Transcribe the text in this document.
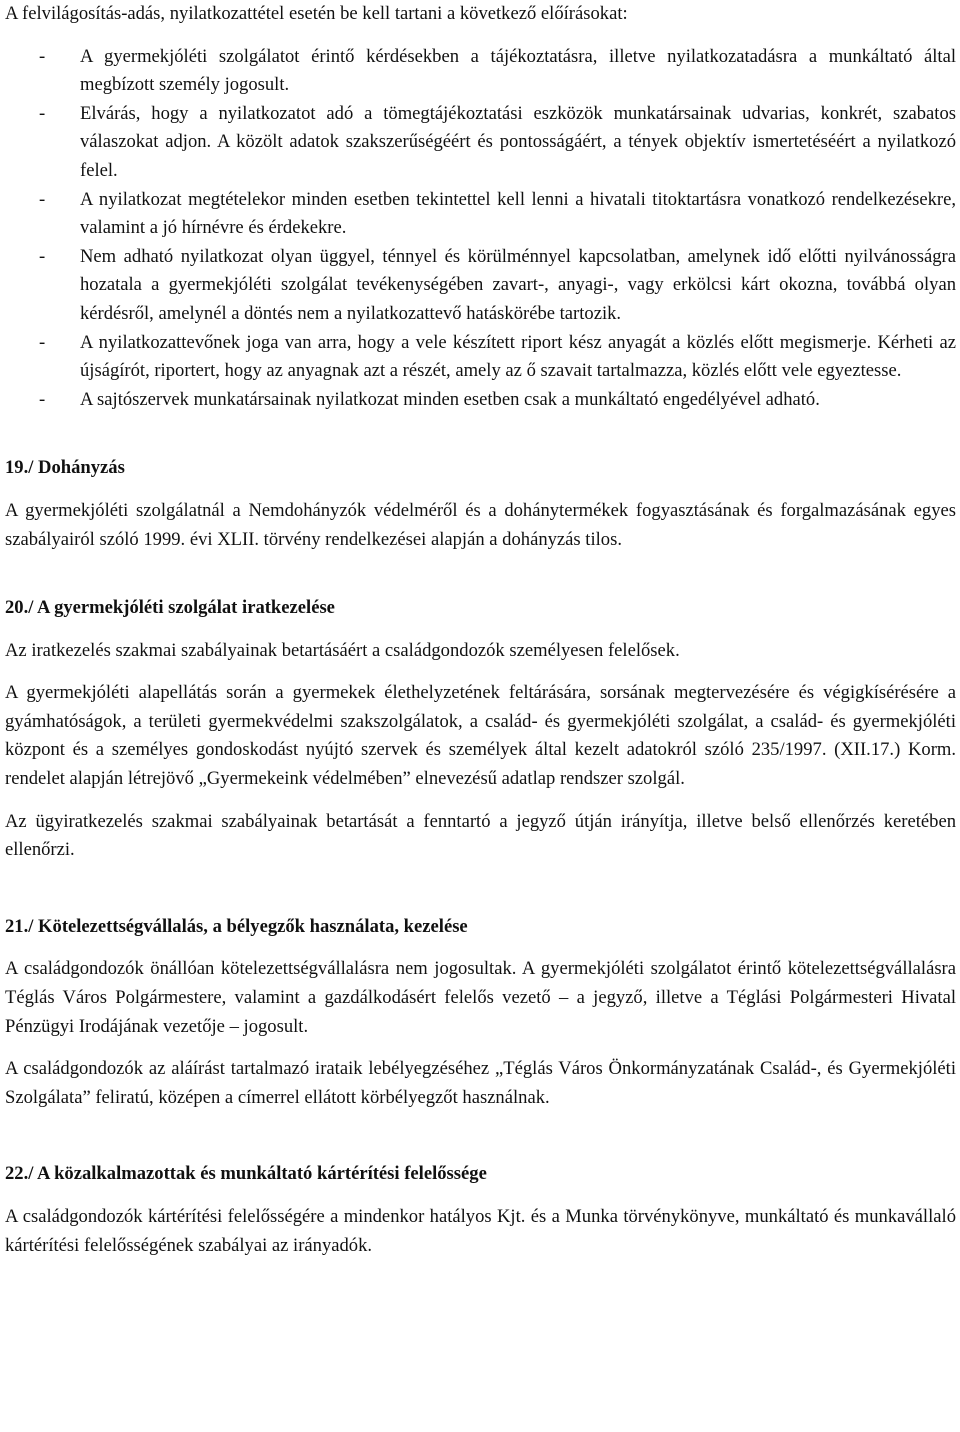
A felvilágosítás-adás, nyilatkozattétel esetén be kell tartani a következő előírásokat:

- A gyermekjóléti szolgálatot érintő kérdésekben a tájékoztatásra, illetve nyilatkozatadásra a munkáltató által megbízott személy jogosult.
- Elvárás, hogy a nyilatkozatot adó a tömegtájékoztatási eszközök munkatársainak udvarias, konkrét, szabatos válaszokat adjon. A közölt adatok szakszerűségéért és pontosságáért, a tények objektív ismertetéséért a nyilatkozó felel.
- A nyilatkozat megtételekor minden esetben tekintettel kell lenni a hivatali titoktartásra vonatkozó rendelkezésekre, valamint a jó hírnévre és érdekekre.
- Nem adható nyilatkozat olyan üggyel, ténnyel és körülménnyel kapcsolatban, amelynek idő előtti nyilvánosságra hozatala a gyermekjóléti szolgálat tevékenységében zavart-, anyagi-, vagy erkölcsi kárt okozna, továbbá olyan kérdésről, amelynél a döntés nem a nyilatkozattevő hatáskörébe tartozik.
- A nyilatkozattevőnek joga van arra, hogy a vele készített riport kész anyagát a közlés előtt megismerje. Kérheti az újságírót, riportert, hogy az anyagnak azt a részét, amely az ő szavait tartalmazza, közlés előtt vele egyeztesse.
- A sajtószervek munkatársainak nyilatkozat minden esetben csak a munkáltató engedélyével adható.
19./ Dohányzás

A gyermekjóléti szolgálatnál a Nemdohányzók védelméről és a dohánytermékek fogyasztásának és forgalmazásának egyes szabályairól szóló 1999. évi XLII. törvény rendelkezései alapján a dohányzás tilos.

20./ A gyermekjóléti szolgálat iratkezelése

Az iratkezelés szakmai szabályainak betartásáért a családgondozók személyesen felelősek.

A gyermekjóléti alapellátás során a gyermekek élethelyzetének feltárására, sorsának megtervezésére és végigkísérésére a gyámhatóságok, a területi gyermekvédelmi szakszolgálatok, a család- és gyermekjóléti szolgálat, a család- és gyermekjóléti központ és a személyes gondoskodást nyújtó szervek és személyek által kezelt adatokról szóló 235/1997. (XII.17.) Korm. rendelet alapján létrejövő „Gyermekeink védelmében” elnevezésű adatlap rendszer szolgál.

Az ügyiratkezelés szakmai szabályainak betartását a fenntartó a jegyző útján irányítja, illetve belső ellenőrzés keretében ellenőrzi.

21./ Kötelezettségvállalás, a bélyegzők használata, kezelése

A családgondozók önállóan kötelezettségvállalásra nem jogosultak. A gyermekjóléti szolgálatot érintő kötelezettségvállalásra Téglás Város Polgármestere, valamint a gazdálkodásért felelős vezető – a jegyző, illetve a Téglási Polgármesteri Hivatal Pénzügyi Irodájának vezetője – jogosult.

A családgondozók az aláírást tartalmazó irataik lebélyegzéséhez „Téglás Város Önkormányzatának Család-, és Gyermekjóléti Szolgálata” feliratú, középen a címerrel ellátott körbélyegzőt használnak.

22./ A közalkalmazottak és munkáltató kártérítési felelőssége

A családgondozók kártérítési felelősségére a mindenkor hatályos Kjt. és a Munka törvénykönyve, munkáltató és munkavállaló kártérítési felelősségének szabályai az irányadók.
